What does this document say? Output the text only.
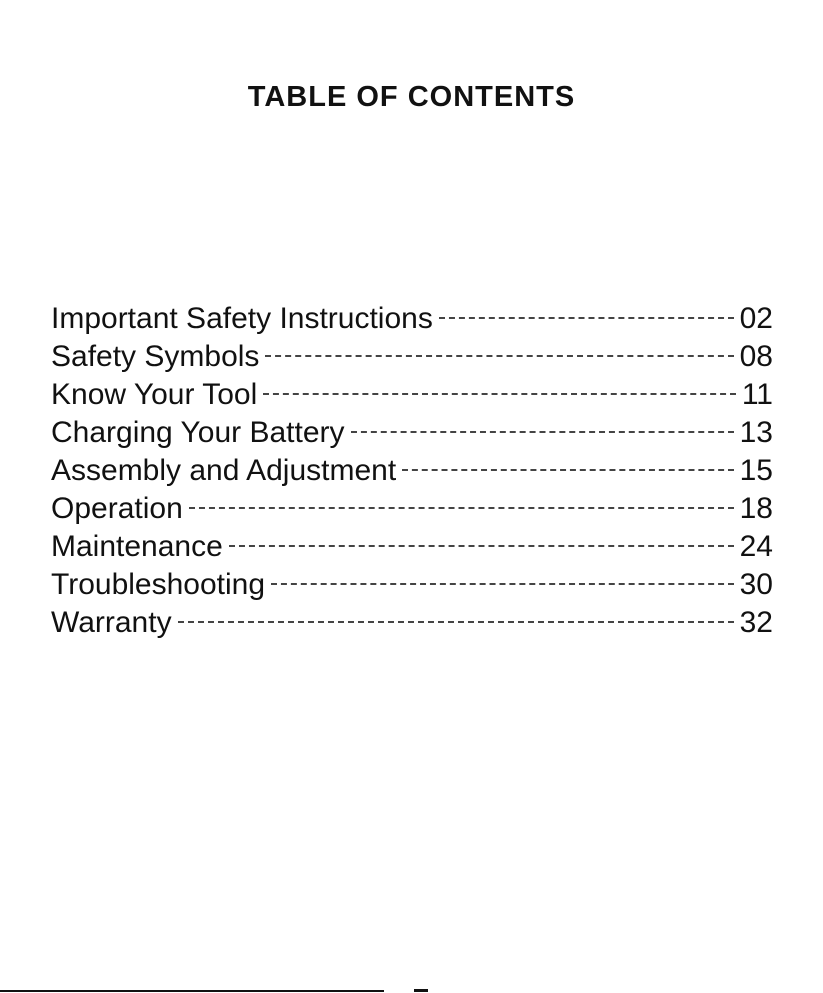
TABLE OF CONTENTS
Important Safety Instructions	02
Safety Symbols	08
Know Your Tool	11
Charging Your Battery	13
Assembly and Adjustment	15
Operation	18
Maintenance	24
Troubleshooting	30
Warranty	32
